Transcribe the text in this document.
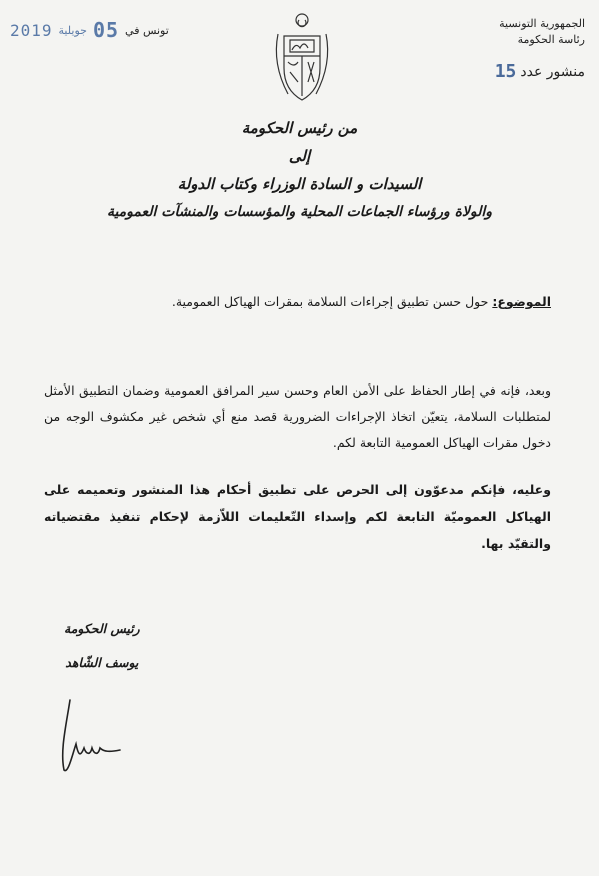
الجمهورية التونسية
رئاسة الحكومة
منشور عدد
15
2019 جويلية 05 تونس في
من رئيس الحكومة
إلى
السيدات و السادة الوزراء وكتاب الدولة
والولاة ورؤساء الجماعات المحلية والمؤسسات والمنشآت العمومية
الموضوع: حول حسن تطبيق إجراءات السلامة بمقرات الهياكل العمومية.

وبعد، فإنه في إطار الحفاظ على الأمن العام وحسن سير المرافق العمومية وضمان التطبيق الأمثل لمتطلبات السلامة، يتعيّن اتخاذ الإجراءات الضرورية قصد منع أي شخص غير مكشوف الوجه من دخول مقرات الهياكل العمومية التابعة لكم.

وعليه، فإنكم مدعوّون إلى الحرص على تطبيق أحكام هذا المنشور وتعميمه على الهياكل العموميّة التابعة لكم وإسداء التّعليمات اللاّزمة لإحكام تنفيذ مقتضياته والتقيّد بها.

رئيس الحكومة
يوسف الشّاهد
